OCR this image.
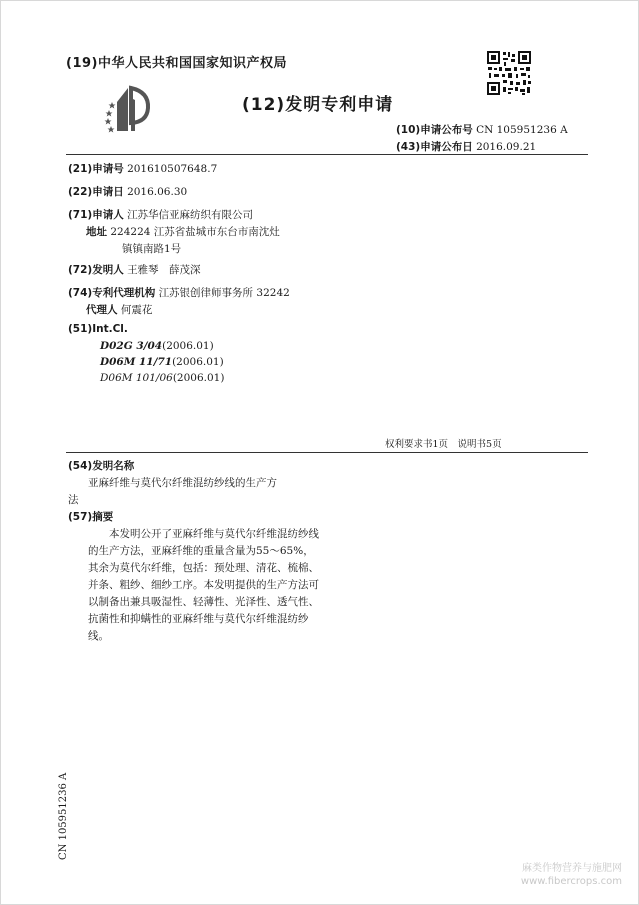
(19)中华人民共和国国家知识产权局
(12)发明专利申请
(10)申请公布号 CN 105951236 A
(43)申请公布日 2016.09.21
(21)申请号 201610507648.7
(22)申请日 2016.06.30
(71)申请人 江苏华信亚麻纺织有限公司
地址 224224 江苏省盐城市东台市南沈灶
镇镇南路1号
(72)发明人 王雅琴　薛茂深
(74)专利代理机构 江苏银创律师事务所 32242
代理人 何震花
(51)Int.Cl.
D02G 3/04(2006.01)
D06M 11/71(2006.01)
D06M 101/06(2006.01)
权利要求书1页　说明书5页
(54)发明名称
亚麻纤维与莫代尔纤维混纺纱线的生产方
法
(57)摘要
本发明公开了亚麻纤维与莫代尔纤维混纺纱线的生产方法，亚麻纤维的重量含量为55～65%，其余为莫代尔纤维，包括：预处理、清花、梳棉、并条、粗纱、细纱工序。本发明提供的生产方法可以制备出兼具吸湿性、轻薄性、光泽性、透气性、抗菌性和抑螨性的亚麻纤维与莫代尔纤维混纺纱线。
CN 105951236 A
麻类作物营养与施肥网
www.fibercrops.com
